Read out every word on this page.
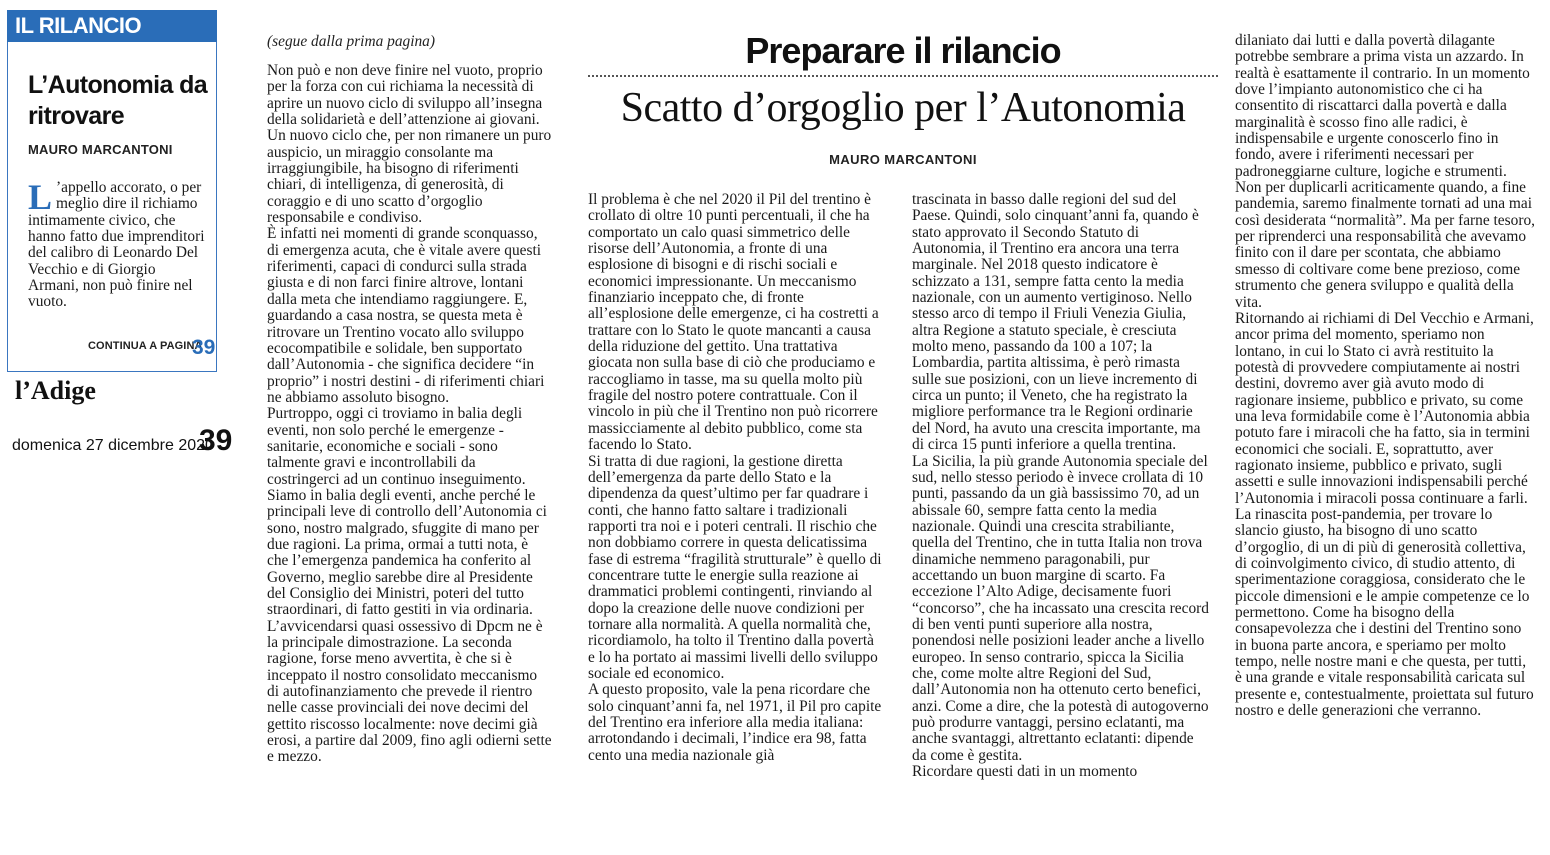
IL RILANCIO
L’Autonomia da ritrovare
MAURO MARCANTONI
L ’appello accorato, o per meglio dire il richiamo intimamente civico, che hanno fatto due imprenditori del calibro di Leonardo Del Vecchio e di Giorgio Armani, non può finire nel vuoto.
CONTINUA A PAGINA
39
l’Adige
domenica 27 dicembre 2020
39
(segue dalla prima pagina)	Preparare il rilancio
Scatto d’orgoglio per l’Autonomia
MAURO MARCANTONI

Non può e non deve finire nel vuoto, proprio per la forza con cui richiama la necessità di aprire un nuovo ciclo di sviluppo all’insegna della solidarietà e dell’attenzione ai giovani. Un nuovo ciclo che, per non rimanere un puro auspicio, un miraggio consolante ma irraggiungibile, ha bisogno di riferimenti chiari, di intelligenza, di generosità, di coraggio e di uno scatto d’orgoglio responsabile e condiviso.

È infatti nei momenti di grande sconquasso, di emergenza acuta, che è vitale avere questi riferimenti, capaci di condurci sulla strada giusta e di non farci finire altrove, lontani dalla meta che intendiamo raggiungere. E, guardando a casa nostra, se questa meta è ritrovare un Trentino vocato allo sviluppo ecocompatibile e solidale, ben supportato dall’Autonomia - che significa decidere “in proprio” i nostri destini - di riferimenti chiari ne abbiamo assoluto bisogno.

Purtroppo, oggi ci troviamo in balia degli eventi, non solo perché le emergenze - sanitarie, economiche e sociali - sono talmente gravi e incontrollabili da costringerci ad un continuo inseguimento. Siamo in balia degli eventi, anche perché le principali leve di controllo dell’Autonomia ci sono, nostro malgrado, sfuggite di mano per due ragioni. La prima, ormai a tutti nota, è che l’emergenza pandemica ha conferito al Governo, meglio sarebbe dire al Presidente del Consiglio dei Ministri, poteri del tutto straordinari, di fatto gestiti in via ordinaria. L’avvicendarsi quasi ossessivo di Dpcm ne è la principale dimostrazione. La seconda ragione, forse meno avvertita, è che si è inceppato il nostro consolidato meccanismo di autofinanziamento che prevede il rientro nelle casse provinciali dei nove decimi del gettito riscosso localmente: nove decimi già erosi, a partire dal 2009, fino agli odierni sette e mezzo.

Il problema è che nel 2020 il Pil del trentino è crollato di oltre 10 punti percentuali, il che ha comportato un calo quasi simmetrico delle risorse dell’Autonomia, a fronte di una esplosione di bisogni e di rischi sociali e economici impressionante. Un meccanismo finanziario inceppato che, di fronte all’esplosione delle emergenze, ci ha costretti a trattare con lo Stato le quote mancanti a causa della riduzione del gettito. Una trattativa giocata non sulla base di ciò che produciamo e raccogliamo in tasse, ma su quella molto più fragile del nostro potere contrattuale. Con il vincolo in più che il Trentino non può ricorrere massicciamente al debito pubblico, come sta facendo lo Stato.

Si tratta di due ragioni, la gestione diretta dell’emergenza da parte dello Stato e la dipendenza da quest’ultimo per far quadrare i conti, che hanno fatto saltare i tradizionali rapporti tra noi e i poteri centrali. Il rischio che non dobbiamo correre in questa delicatissima fase di estrema “fragilità strutturale” è quello di concentrare tutte le energie sulla reazione ai drammatici problemi contingenti, rinviando al dopo la creazione delle nuove condizioni per tornare alla normalità. A quella normalità che, ricordiamolo, ha tolto il Trentino dalla povertà e lo ha portato ai massimi livelli dello sviluppo sociale ed economico.

A questo proposito, vale la pena ricordare che solo cinquant’anni fa, nel 1971, il Pil pro capite del Trentino era inferiore alla media italiana: arrotondando i decimali, l’indice era 98, fatta cento una media nazionale già

trascinata in basso dalle regioni del sud del Paese. Quindi, solo cinquant’anni fa, quando è stato approvato il Secondo Statuto di Autonomia, il Trentino era ancora una terra marginale. Nel 2018 questo indicatore è schizzato a 131, sempre fatta cento la media nazionale, con un aumento vertiginoso. Nello stesso arco di tempo il Friuli Venezia Giulia, altra Regione a statuto speciale, è cresciuta molto meno, passando da 100 a 107; la Lombardia, partita altissima, è però rimasta sulle sue posizioni, con un lieve incremento di circa un punto; il Veneto, che ha registrato la migliore performance tra le Regioni ordinarie del Nord, ha avuto una crescita importante, ma di circa 15 punti inferiore a quella trentina.

La Sicilia, la più grande Autonomia speciale del sud, nello stesso periodo è invece crollata di 10 punti, passando da un già bassissimo 70, ad un abissale 60, sempre fatta cento la media nazionale. Quindi una crescita strabiliante, quella del Trentino, che in tutta Italia non trova dinamiche nemmeno paragonabili, pur accettando un buon margine di scarto. Fa eccezione l’Alto Adige, decisamente fuori “concorso”, che ha incassato una crescita record di ben venti punti superiore alla nostra, ponendosi nelle posizioni leader anche a livello europeo. In senso contrario, spicca la Sicilia che, come molte altre Regioni del Sud, dall’Autonomia non ha ottenuto certo benefici, anzi. Come a dire, che la potestà di autogoverno può produrre vantaggi, persino eclatanti, ma anche svantaggi, altrettanto eclatanti: dipende da come è gestita.

Ricordare questi dati in un momento

dilaniato dai lutti e dalla povertà dilagante potrebbe sembrare a prima vista un azzardo. In realtà è esattamente il contrario. In un momento dove l’impianto autonomistico che ci ha consentito di riscattarci dalla povertà e dalla marginalità è scosso fino alle radici, è indispensabile e urgente conoscerlo fino in fondo, avere i riferimenti necessari per padroneggiarne culture, logiche e strumenti.

Non per duplicarli acriticamente quando, a fine pandemia, saremo finalmente tornati ad una mai così desiderata “normalità”. Ma per farne tesoro, per riprenderci una responsabilità che avevamo finito con il dare per scontata, che abbiamo smesso di coltivare come bene prezioso, come strumento che genera sviluppo e qualità della vita.

Ritornando ai richiami di Del Vecchio e Armani, ancor prima del momento, speriamo non lontano, in cui lo Stato ci avrà restituito la potestà di provvedere compiutamente ai nostri destini, dovremo aver già avuto modo di ragionare insieme, pubblico e privato, su come una leva formidabile come è l’Autonomia abbia potuto fare i miracoli che ha fatto, sia in termini economici che sociali. E, soprattutto, aver ragionato insieme, pubblico e privato, sugli assetti e sulle innovazioni indispensabili perché l’Autonomia i miracoli possa continuare a farli.

La rinascita post-pandemia, per trovare lo slancio giusto, ha bisogno di uno scatto d’orgoglio, di un di più di generosità collettiva, di coinvolgimento civico, di studio attento, di sperimentazione coraggiosa, considerato che le piccole dimensioni e le ampie competenze ce lo permettono. Come ha bisogno della consapevolezza che i destini del Trentino sono in buona parte ancora, e speriamo per molto tempo, nelle nostre mani e che questa, per tutti, è una grande e vitale responsabilità caricata sul presente e, contestualmente, proiettata sul futuro nostro e delle generazioni che verranno.
